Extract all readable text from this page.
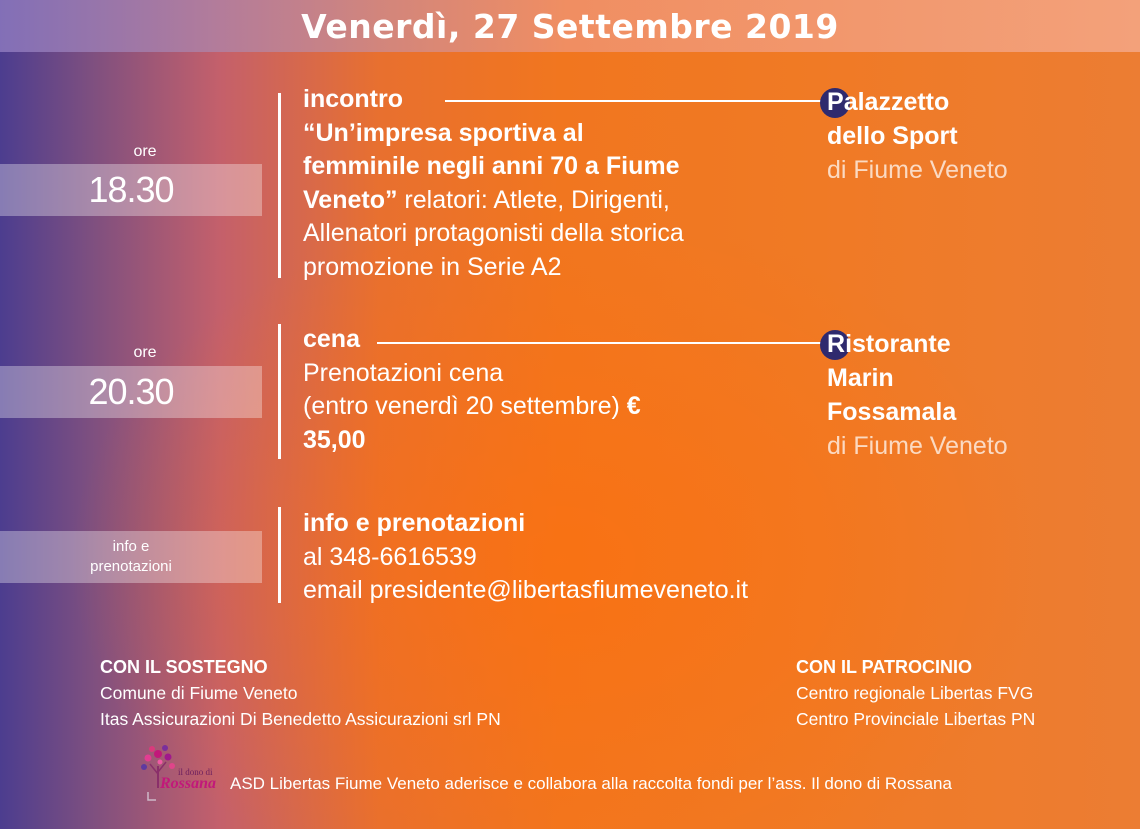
Venerdì, 27 Settembre 2019
ore
18.30
incontro
“Un’impresa sportiva al
femminile negli anni 70 a Fiume
Veneto” relatori: Atlete, Dirigenti,
Allenatori protagonisti della storica
promozione in Serie A2
Palazzetto
dello Sport
di Fiume Veneto
ore
20.30
cena
Prenotazioni cena
(entro venerdì 20 settembre) €
35,00
Ristorante
Marin
Fossamala
di Fiume Veneto
info e
prenotazioni
info e prenotazioni
al 348-6616539
email presidente@libertasfiumeveneto.it
CON IL SOSTEGNO
Comune di Fiume Veneto
Itas Assicurazioni Di Benedetto Assicurazioni srl PN
CON IL PATROCINIO
Centro regionale Libertas FVG
Centro Provinciale Libertas PN
il dono di
Rossana ASD Libertas Fiume Veneto aderisce e collabora alla raccolta fondi per l’ass. Il dono di Rossana
